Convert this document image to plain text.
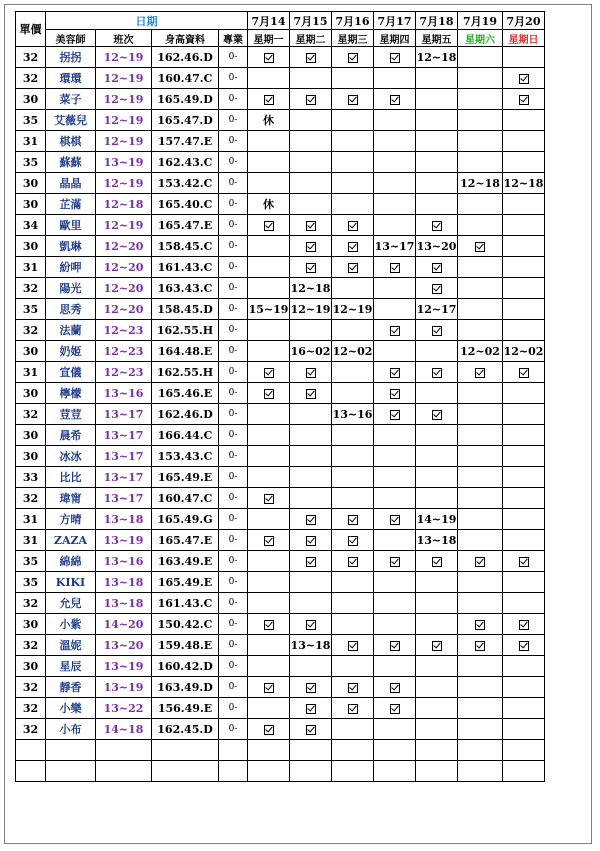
單價	日期				7月14	7月15	7月16	7月17	7月18	7月19	7月20
	美容師	班次	身高資料	專業	星期一	星期二	星期三	星期四	星期五	星期六	星期日
32	拐拐	12~19	162.46.D	0-					12~18		
32	環環	12~19	160.47.C	0-							
30	菜子	12~19	165.49.D	0-							
35	艾薇兒	12~19	165.47.D	0-	休						
31	棋棋	12~19	157.47.E	0-							
35	蘇蘇	13~19	162.43.C	0-							
30	晶晶	12~19	153.42.C	0-						12~18	12~18
30	芷滿	12~18	165.40.C	0-	休						
34	歐里	12~19	165.47.E	0-							
30	凱琳	12~20	158.45.C	0-				13~17	13~20		
31	紛呷	12~20	161.43.C	0-							
32	陽光	12~20	163.43.C	0-		12~18					
35	思秀	12~20	158.45.D	0-	15~19	12~19	12~19		12~17		
32	法蘭	12~23	162.55.H	0-							
30	奶姬	12~23	164.48.E	0-		16~02	12~02			12~02	12~02
31	宣儀	12~23	162.55.H	0-							
30	檸檬	13~16	165.46.E	0-							
32	荳荳	13~17	162.46.D	0-			13~16				
30	晨希	13~17	166.44.C	0-							
30	冰冰	13~17	153.43.C	0-							
33	比比	13~17	165.49.E	0-							
32	瑋甯	13~17	160.47.C	0-							
31	方晴	13~18	165.49.G	0-					14~19		
31	ZAZA	13~19	165.47.E	0-					13~18		
35	綿綿	13~16	163.49.E	0-							
35	KIKI	13~18	165.49.E	0-							
32	允兒	13~18	161.43.C	0-							
30	小紫	14~20	150.42.C	0-							
32	溫妮	13~20	159.48.E	0-		13~18					
30	星辰	13~19	160.42.D	0-							
32	靜香	13~19	163.49.D	0-							
32	小樂	13~22	156.49.E	0-							
32	小布	14~18	162.45.D	0-							
